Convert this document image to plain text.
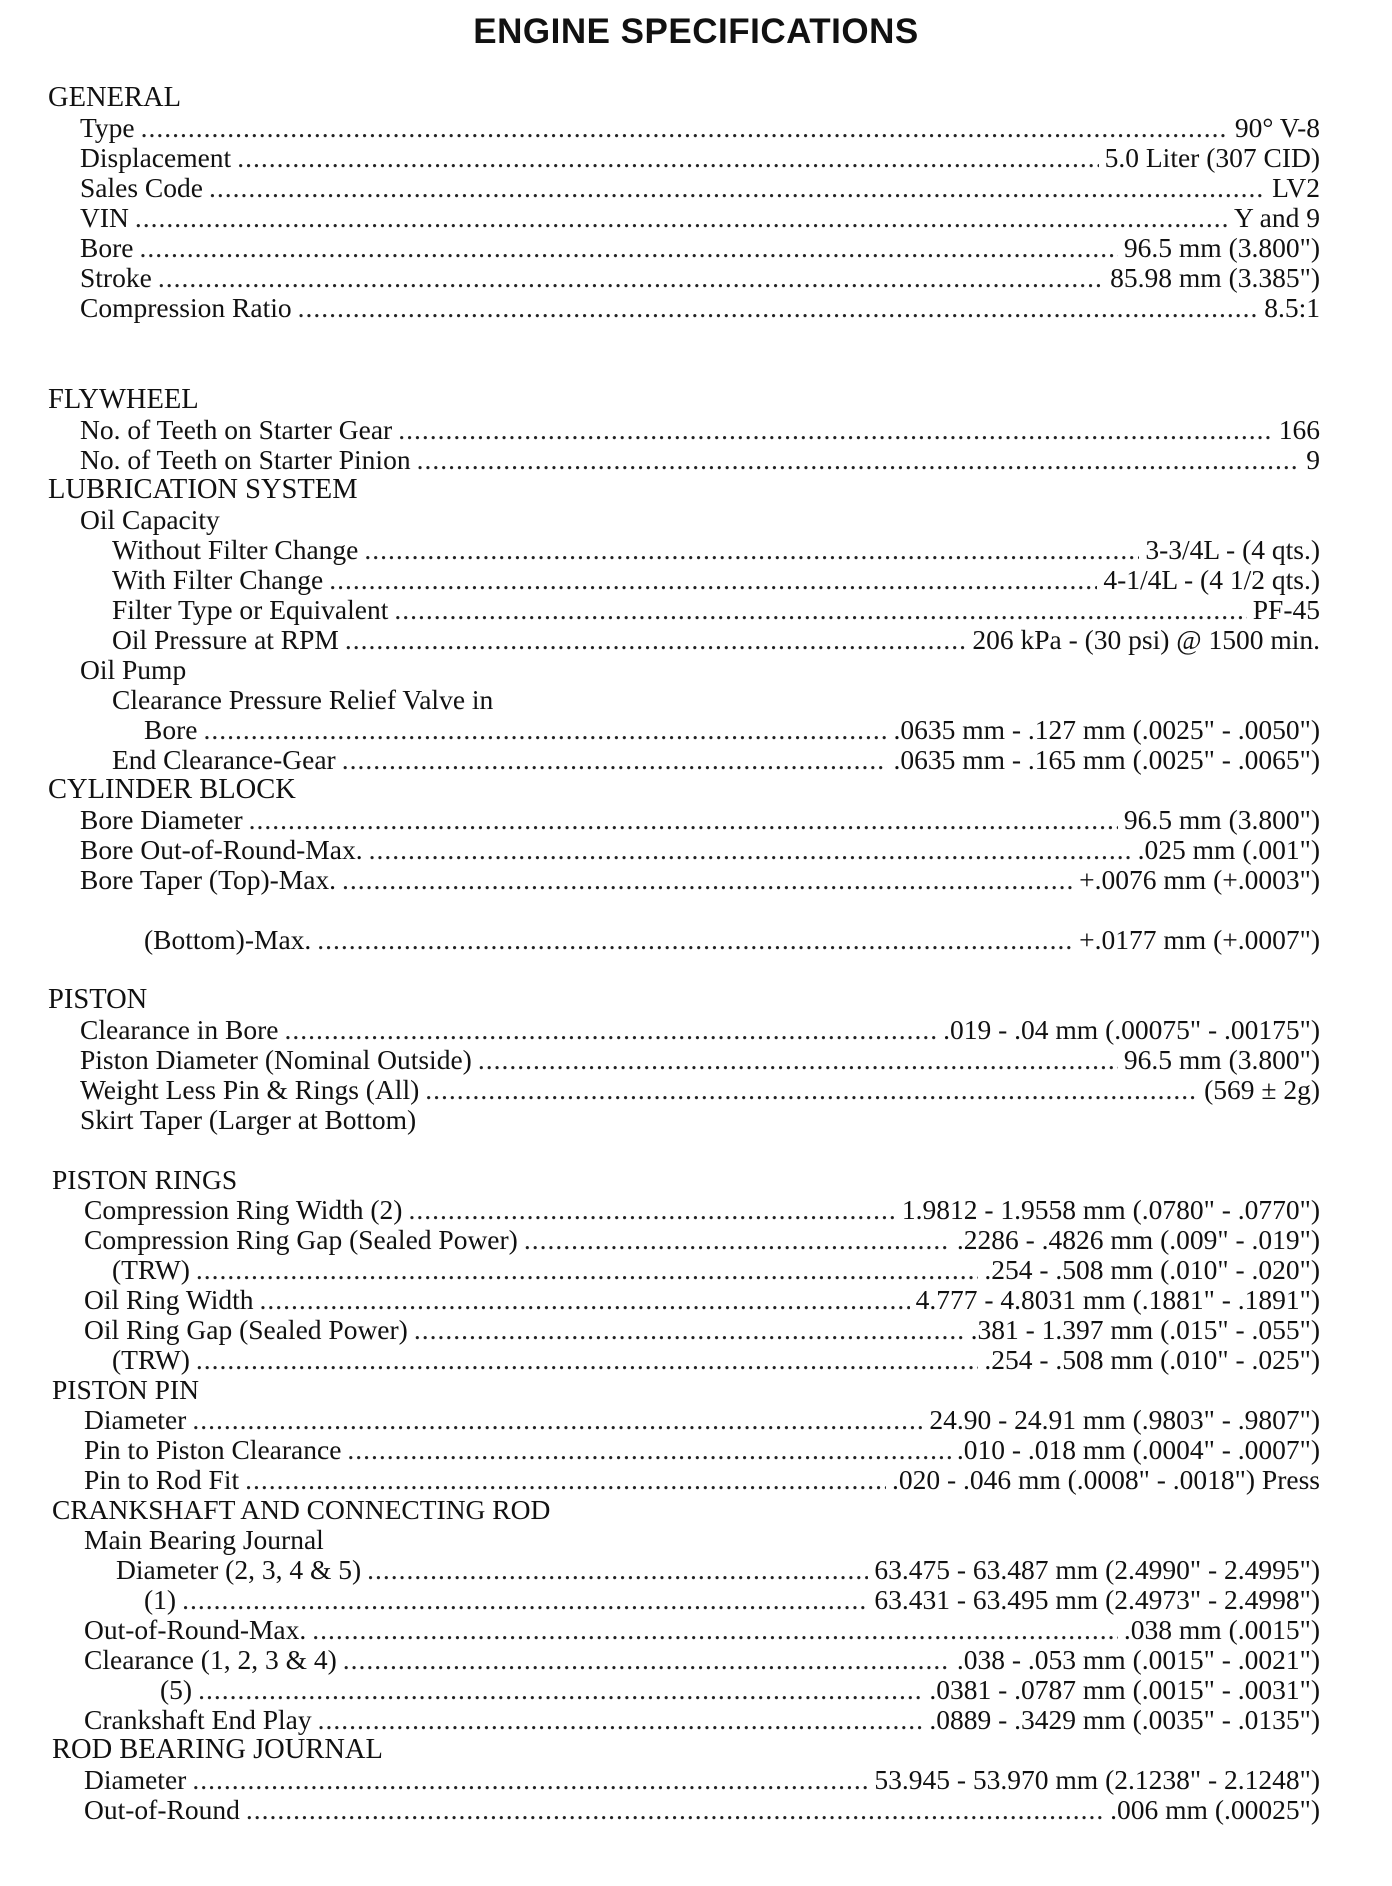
ENGINE SPECIFICATIONS
GENERAL
Type .....	90° V-8
Displacement .....	5.0 Liter (307 CID)
Sales Code .....	LV2
VIN .....	Y and 9
Bore .....	96.5 mm (3.800")
Stroke .....	85.98 mm (3.385")
Compression Ratio .....	8.5:1
FLYWHEEL
No. of Teeth on Starter Gear .....	166
No. of Teeth on Starter Pinion .....	9
LUBRICATION SYSTEM
Oil Capacity
Without Filter Change .....	3-3/4L - (4 qts.)
With Filter Change .....	4-1/4L - (4 1/2 qts.)
Filter Type or Equivalent .....	PF-45
Oil Pressure at RPM .....	206 kPa - (30 psi) @ 1500 min.
Oil Pump
Clearance Pressure Relief Valve in
Bore .....	.0635 mm - .127 mm (.0025" - .0050")
End Clearance-Gear .....	.0635 mm - .165 mm (.0025" - .0065")
CYLINDER BLOCK
Bore Diameter .....	96.5 mm (3.800")
Bore Out-of-Round-Max. .....	.025 mm (.001")
Bore Taper (Top)-Max. .....	+.0076 mm (+.0003")
(Bottom)-Max. .....	+.0177 mm (+.0007")
PISTON
Clearance in Bore .....	.019 - .04 mm (.00075" - .00175")
Piston Diameter (Nominal Outside) .....	96.5 mm (3.800")
Weight Less Pin & Rings (All) .....	(569 ± 2g)
Skirt Taper (Larger at Bottom)
PISTON RINGS
Compression Ring Width (2) .....	1.9812 - 1.9558 mm (.0780" - .0770")
Compression Ring Gap (Sealed Power) .....	.2286 - .4826 mm (.009" - .019")
(TRW) .....	.254 - .508 mm (.010" - .020")
Oil Ring Width .....	4.777 - 4.8031 mm (.1881" - .1891")
Oil Ring Gap (Sealed Power) .....	.381 - 1.397 mm (.015" - .055")
(TRW) .....	.254 - .508 mm (.010" - .025")
PISTON PIN
Diameter .....	24.90 - 24.91 mm (.9803" - .9807")
Pin to Piston Clearance .....	.010 - .018 mm (.0004" - .0007")
Pin to Rod Fit .....	.020 - .046 mm (.0008" - .0018") Press
CRANKSHAFT AND CONNECTING ROD
Main Bearing Journal
Diameter (2, 3, 4 & 5) .....	63.475 - 63.487 mm (2.4990" - 2.4995")
(1) .....	63.431 - 63.495 mm (2.4973" - 2.4998")
Out-of-Round-Max. .....	.038 mm (.0015")
Clearance (1, 2, 3 & 4) .....	.038 - .053 mm (.0015" - .0021")
(5) .....	.0381 - .0787 mm (.0015" - .0031")
Crankshaft End Play .....	.0889 - .3429 mm (.0035" - .0135")
ROD BEARING JOURNAL
Diameter .....	53.945 - 53.970 mm (2.1238" - 2.1248")
Out-of-Round .....	.006 mm (.00025")
